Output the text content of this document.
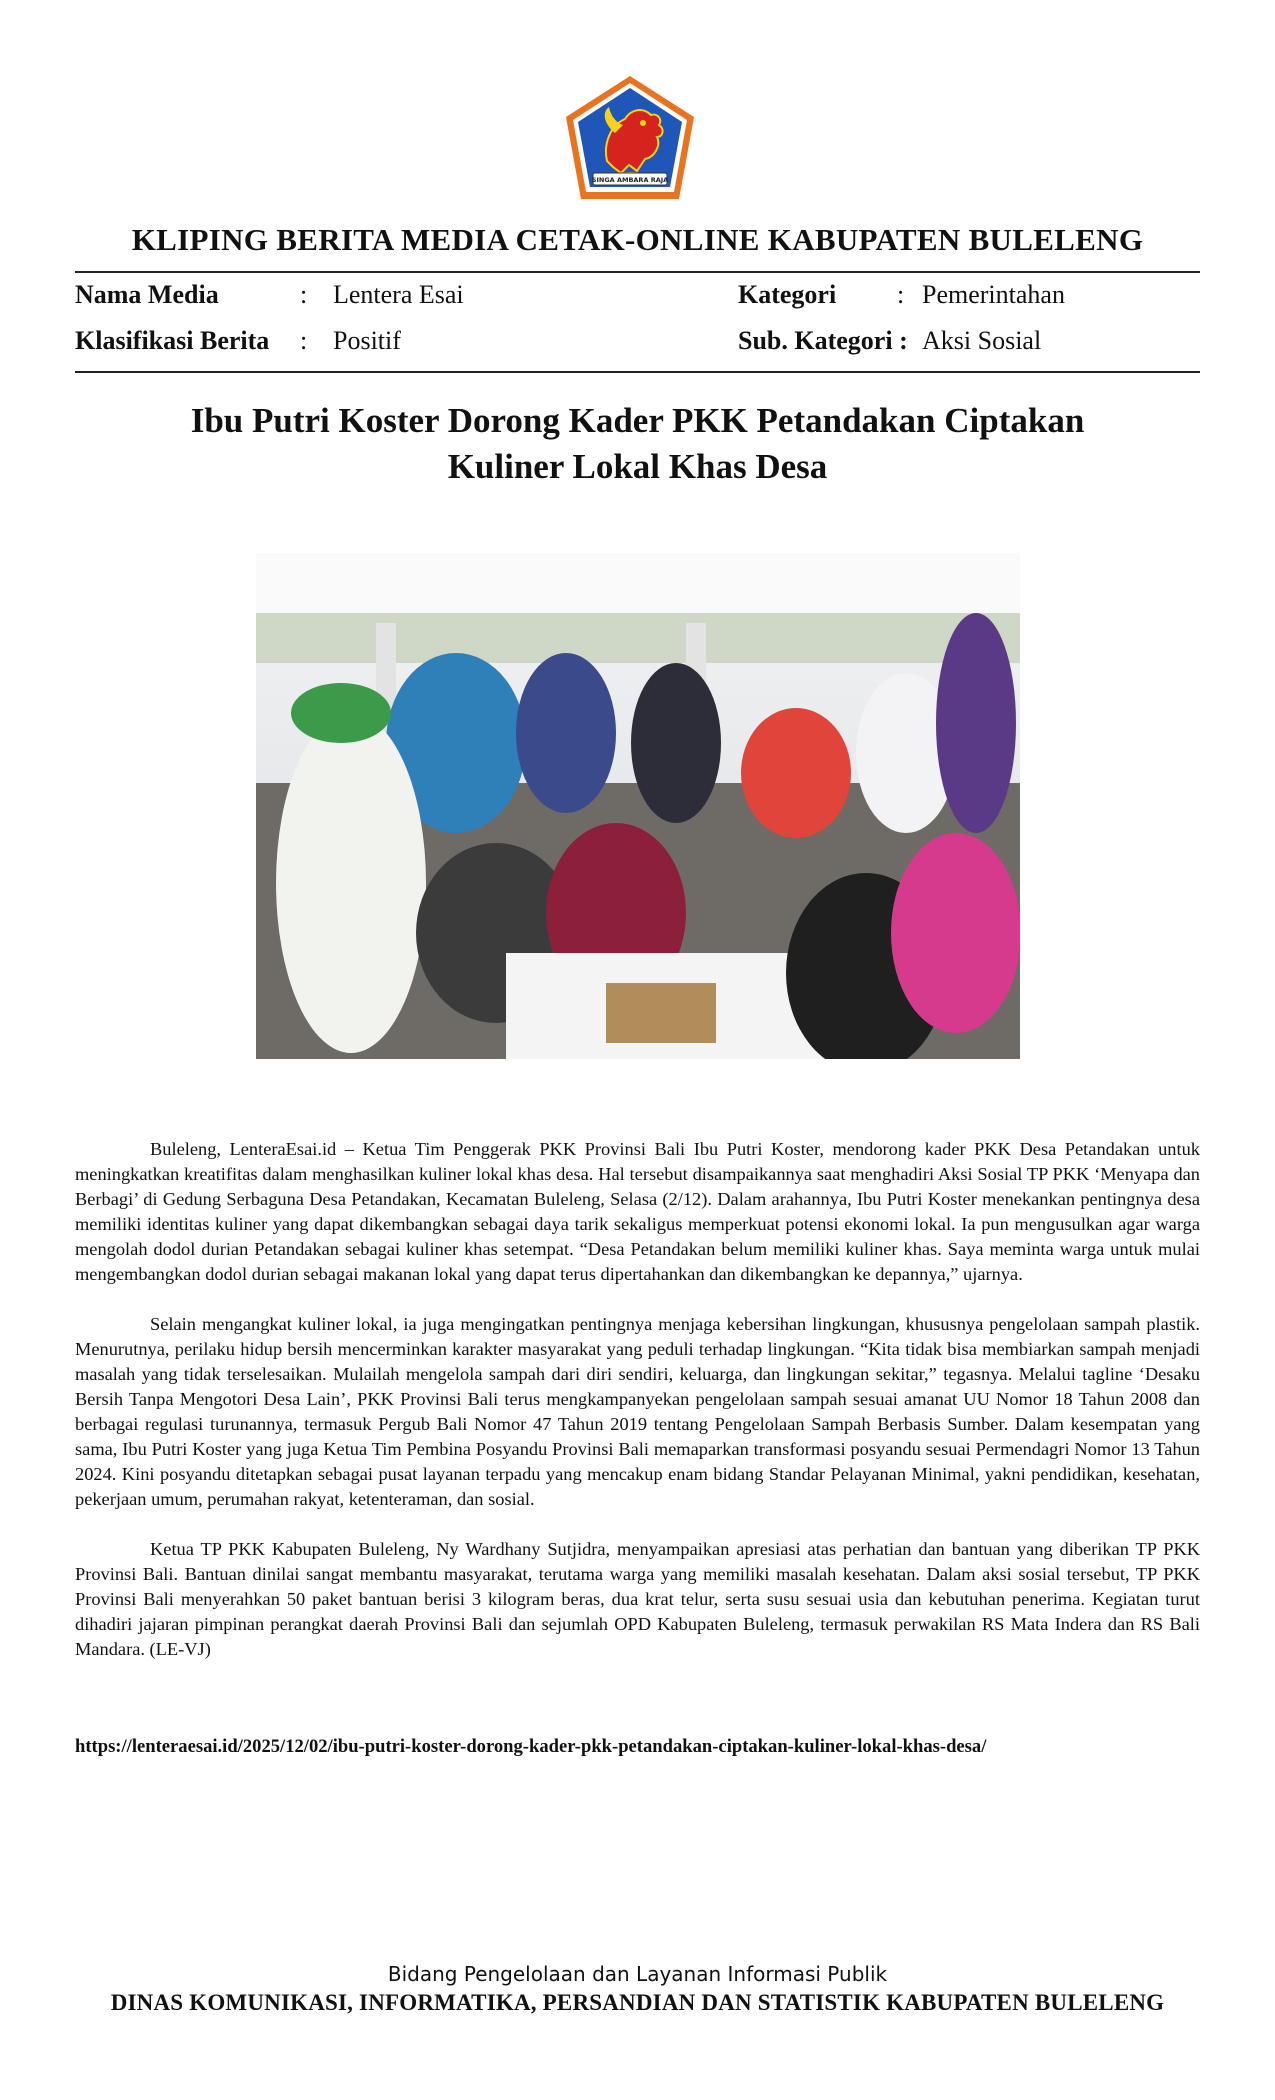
SINGA AMBARA RAJA
KLIPING BERITA MEDIA CETAK-ONLINE KABUPATEN BULELENG
Nama Media	: Lentera Esai	Kategori : Pemerintahan
Klasifikasi Berita : Positif	Sub. Kategori : Aksi Sosial
Ibu Putri Koster Dorong Kader PKK Petandakan Ciptakan
Kuliner Lokal Khas Desa

Buleleng, LenteraEsai.id – Ketua Tim Penggerak PKK Provinsi Bali Ibu Putri Koster, mendorong kader PKK Desa Petandakan untuk meningkatkan kreatifitas dalam menghasilkan kuliner lokal khas desa. Hal tersebut disampaikannya saat menghadiri Aksi Sosial TP PKK ‘Menyapa dan Berbagi’ di Gedung Serbaguna Desa Petandakan, Kecamatan Buleleng, Selasa (2/12). Dalam arahannya, Ibu Putri Koster menekankan pentingnya desa memiliki identitas kuliner yang dapat dikembangkan sebagai daya tarik sekaligus memperkuat potensi ekonomi lokal. Ia pun mengusulkan agar warga mengolah dodol durian Petandakan sebagai kuliner khas setempat. “Desa Petandakan belum memiliki kuliner khas. Saya meminta warga untuk mulai mengembangkan dodol durian sebagai makanan lokal yang dapat terus dipertahankan dan dikembangkan ke depannya,” ujarnya.

Selain mengangkat kuliner lokal, ia juga mengingatkan pentingnya menjaga kebersihan lingkungan, khususnya pengelolaan sampah plastik. Menurutnya, perilaku hidup bersih mencerminkan karakter masyarakat yang peduli terhadap lingkungan. “Kita tidak bisa membiarkan sampah menjadi masalah yang tidak terselesaikan. Mulailah mengelola sampah dari diri sendiri, keluarga, dan lingkungan sekitar,” tegasnya. Melalui tagline ‘Desaku Bersih Tanpa Mengotori Desa Lain’, PKK Provinsi Bali terus mengkampanyekan pengelolaan sampah sesuai amanat UU Nomor 18 Tahun 2008 dan berbagai regulasi turunannya, termasuk Pergub Bali Nomor 47 Tahun 2019 tentang Pengelolaan Sampah Berbasis Sumber. Dalam kesempatan yang sama, Ibu Putri Koster yang juga Ketua Tim Pembina Posyandu Provinsi Bali memaparkan transformasi posyandu sesuai Permendagri Nomor 13 Tahun 2024. Kini posyandu ditetapkan sebagai pusat layanan terpadu yang mencakup enam bidang Standar Pelayanan Minimal, yakni pendidikan, kesehatan, pekerjaan umum, perumahan rakyat, ketenteraman, dan sosial.

Ketua TP PKK Kabupaten Buleleng, Ny Wardhany Sutjidra, menyampaikan apresiasi atas perhatian dan bantuan yang diberikan TP PKK Provinsi Bali. Bantuan dinilai sangat membantu masyarakat, terutama warga yang memiliki masalah kesehatan. Dalam aksi sosial tersebut, TP PKK Provinsi Bali menyerahkan 50 paket bantuan berisi 3 kilogram beras, dua krat telur, serta susu sesuai usia dan kebutuhan penerima. Kegiatan turut dihadiri jajaran pimpinan perangkat daerah Provinsi Bali dan sejumlah OPD Kabupaten Buleleng, termasuk perwakilan RS Mata Indera dan RS Bali Mandara. (LE-VJ)

https://lenteraesai.id/2025/12/02/ibu-putri-koster-dorong-kader-pkk-petandakan-ciptakan-kuliner-lokal-khas-desa/
Bidang Pengelolaan dan Layanan Informasi Publik
DINAS KOMUNIKASI, INFORMATIKA, PERSANDIAN DAN STATISTIK KABUPATEN BULELENG
